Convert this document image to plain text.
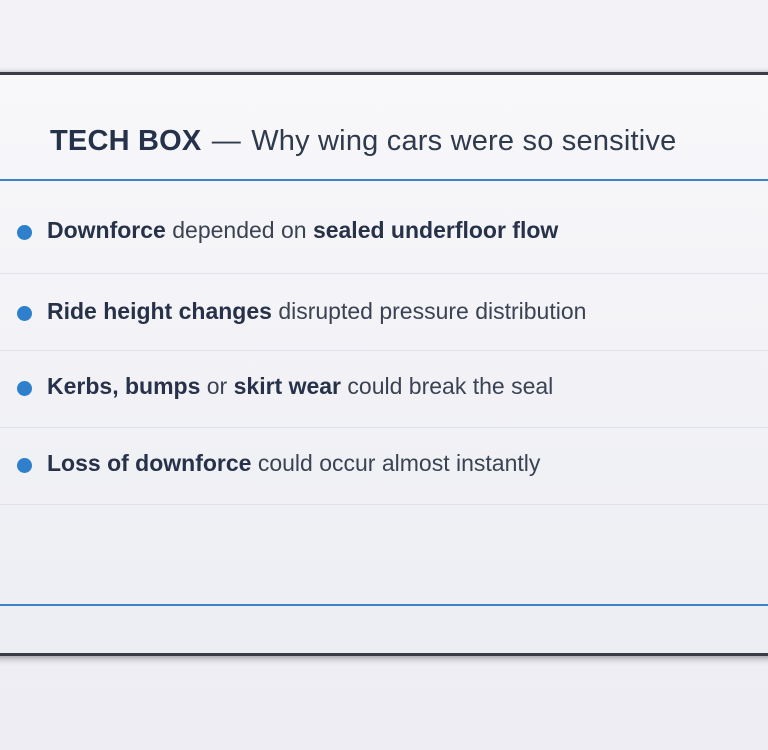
TECH BOX — Why wing cars were so sensitive
Downforce depended on sealed underfloor flow
Ride height changes disrupted pressure distribution
Kerbs, bumps or skirt wear could break the seal
Loss of downforce could occur almost instantly
